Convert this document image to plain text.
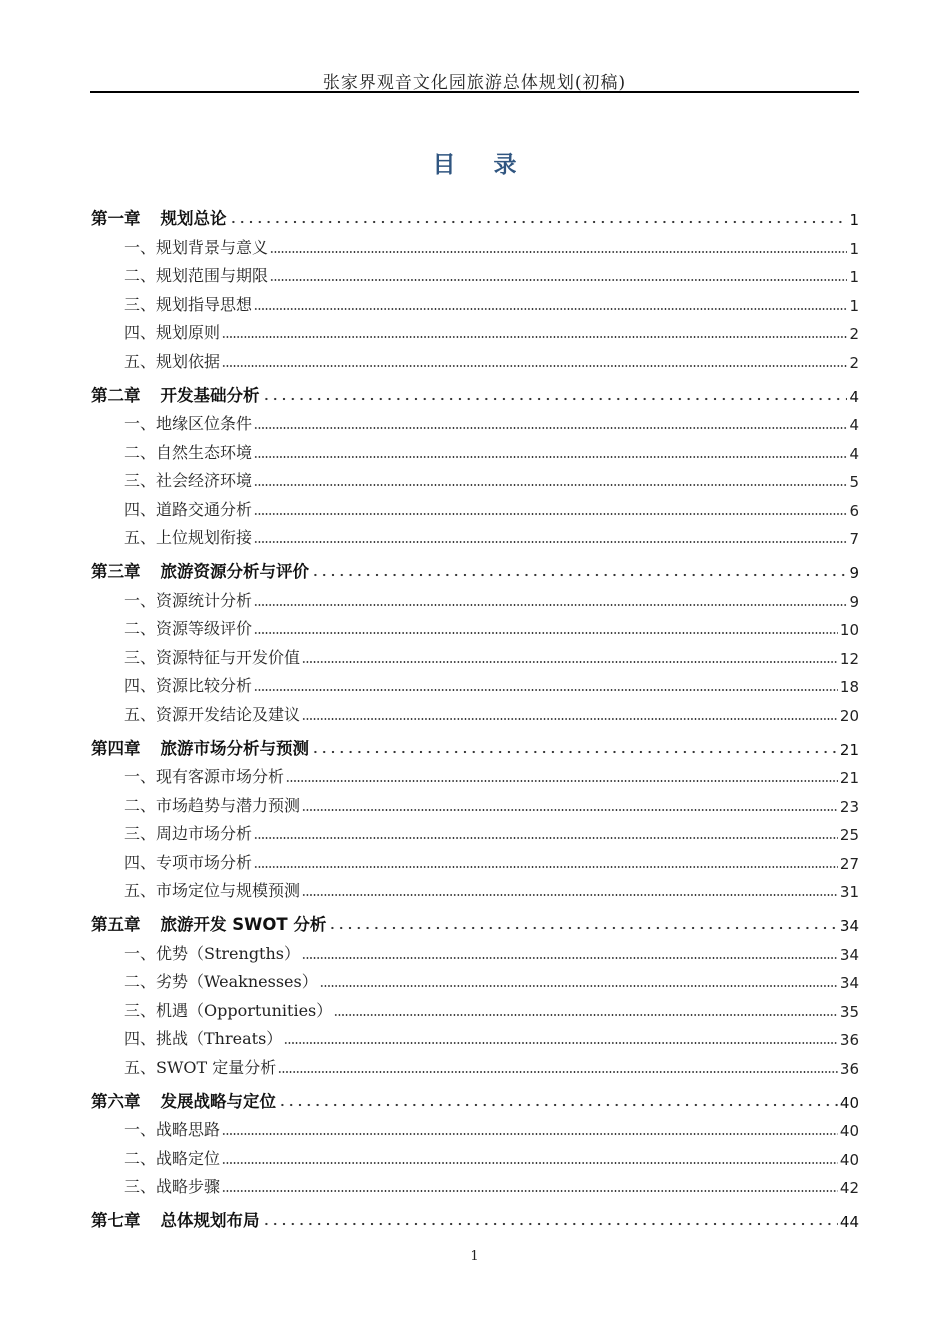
张家界观音文化园旅游总体规划(初稿)
目 录
第一章 规划总论	1
一、规划背景与意义	1
二、规划范围与期限	1
三、规划指导思想	1
四、规划原则	2
五、规划依据	2
第二章 开发基础分析	4
一、地缘区位条件	4
二、自然生态环境	4
三、社会经济环境	5
四、道路交通分析	6
五、上位规划衔接	7
第三章 旅游资源分析与评价	9
一、资源统计分析	9
二、资源等级评价	10
三、资源特征与开发价值	12
四、资源比较分析	18
五、资源开发结论及建议	20
第四章 旅游市场分析与预测	21
一、现有客源市场分析	21
二、市场趋势与潜力预测	23
三、周边市场分析	25
四、专项市场分析	27
五、市场定位与规模预测	31
第五章 旅游开发 SWOT 分析	34
一、优势（Strengths）	34
二、劣势（Weaknesses）	34
三、机遇（Opportunities）	35
四、挑战（Threats）	36
五、SWOT 定量分析	36
第六章 发展战略与定位	40
一、战略思路	40
二、战略定位	40
三、战略步骤	42
第七章 总体规划布局	44
1
